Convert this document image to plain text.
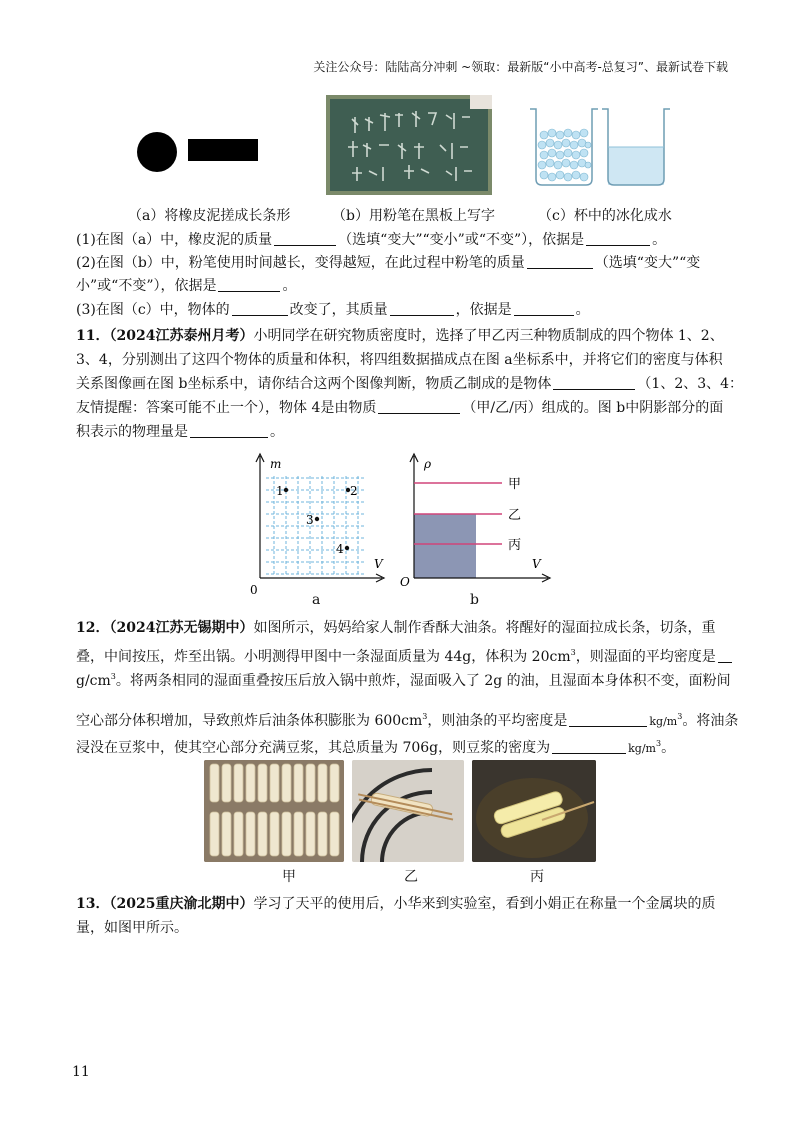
关注公众号：陆陆高分冲刺 ~领取：最新版“小中高考-总复习”、最新试卷下载
（a）将橡皮泥搓成长条形	（b）用粉笔在黑板上写字	（c）杯中的冰化成水
(1)在图（a）中，橡皮泥的质量	（选填“变大”“变小”或“不变”），依据是	。
(2)在图（b）中，粉笔使用时间越长，变得越短，在此过程中粉笔的质量	（选填“变大”“变
小”或“不变”），依据是	。
(3)在图（c）中，物体的	改变了，其质量	，依据是	。
11．（2024江苏泰州月考）小明同学在研究物质密度时，选择了甲乙丙三种物质制成的四个物体 1、2、
3、4，分别测出了这四个物体的质量和体积，将四组数据描成点在图 a坐标系中，并将它们的密度与体积
关系图像画在图 b坐标系中，请你结合这两个图像判断，物质乙制成的是物体	（1、2、3、4：
友情提醒：答案可能不止一个），物体 4是由物质	（甲/乙/丙）组成的。图 b中阴影部分的面
积表示的物理量是	。
m
V
0
1	2
3
4
a
ρ
V
O
甲
乙
丙
b
12．（2024江苏无锡期中）如图所示，妈妈给家人制作香酥大油条。将醒好的湿面拉成长条，切条，重
叠，中间按压，炸至出锅。小明测得甲图中一条湿面质量为 44g，体积为 $20cm^3$，则湿面的平均密度是
$g/cm^3$。将两条相同的湿面重叠按压后放入锅中煎炸，湿面吸入了 2g 的油，且湿面本身体积不变，面粉间
空心部分体积增加，导致煎炸后油条体积膨胀为 $600cm^3$，则油条的平均密度是	$kg/m^3$。将油条
浸没在豆浆中，使其空心部分充满豆浆，其总质量为 706g，则豆浆的密度为	$kg/m^3$。
甲	乙	丙
13．（2025重庆渝北期中）学习了天平的使用后，小华来到实验室，看到小娟正在称量一个金属块的质
量，如图甲所示。
11
